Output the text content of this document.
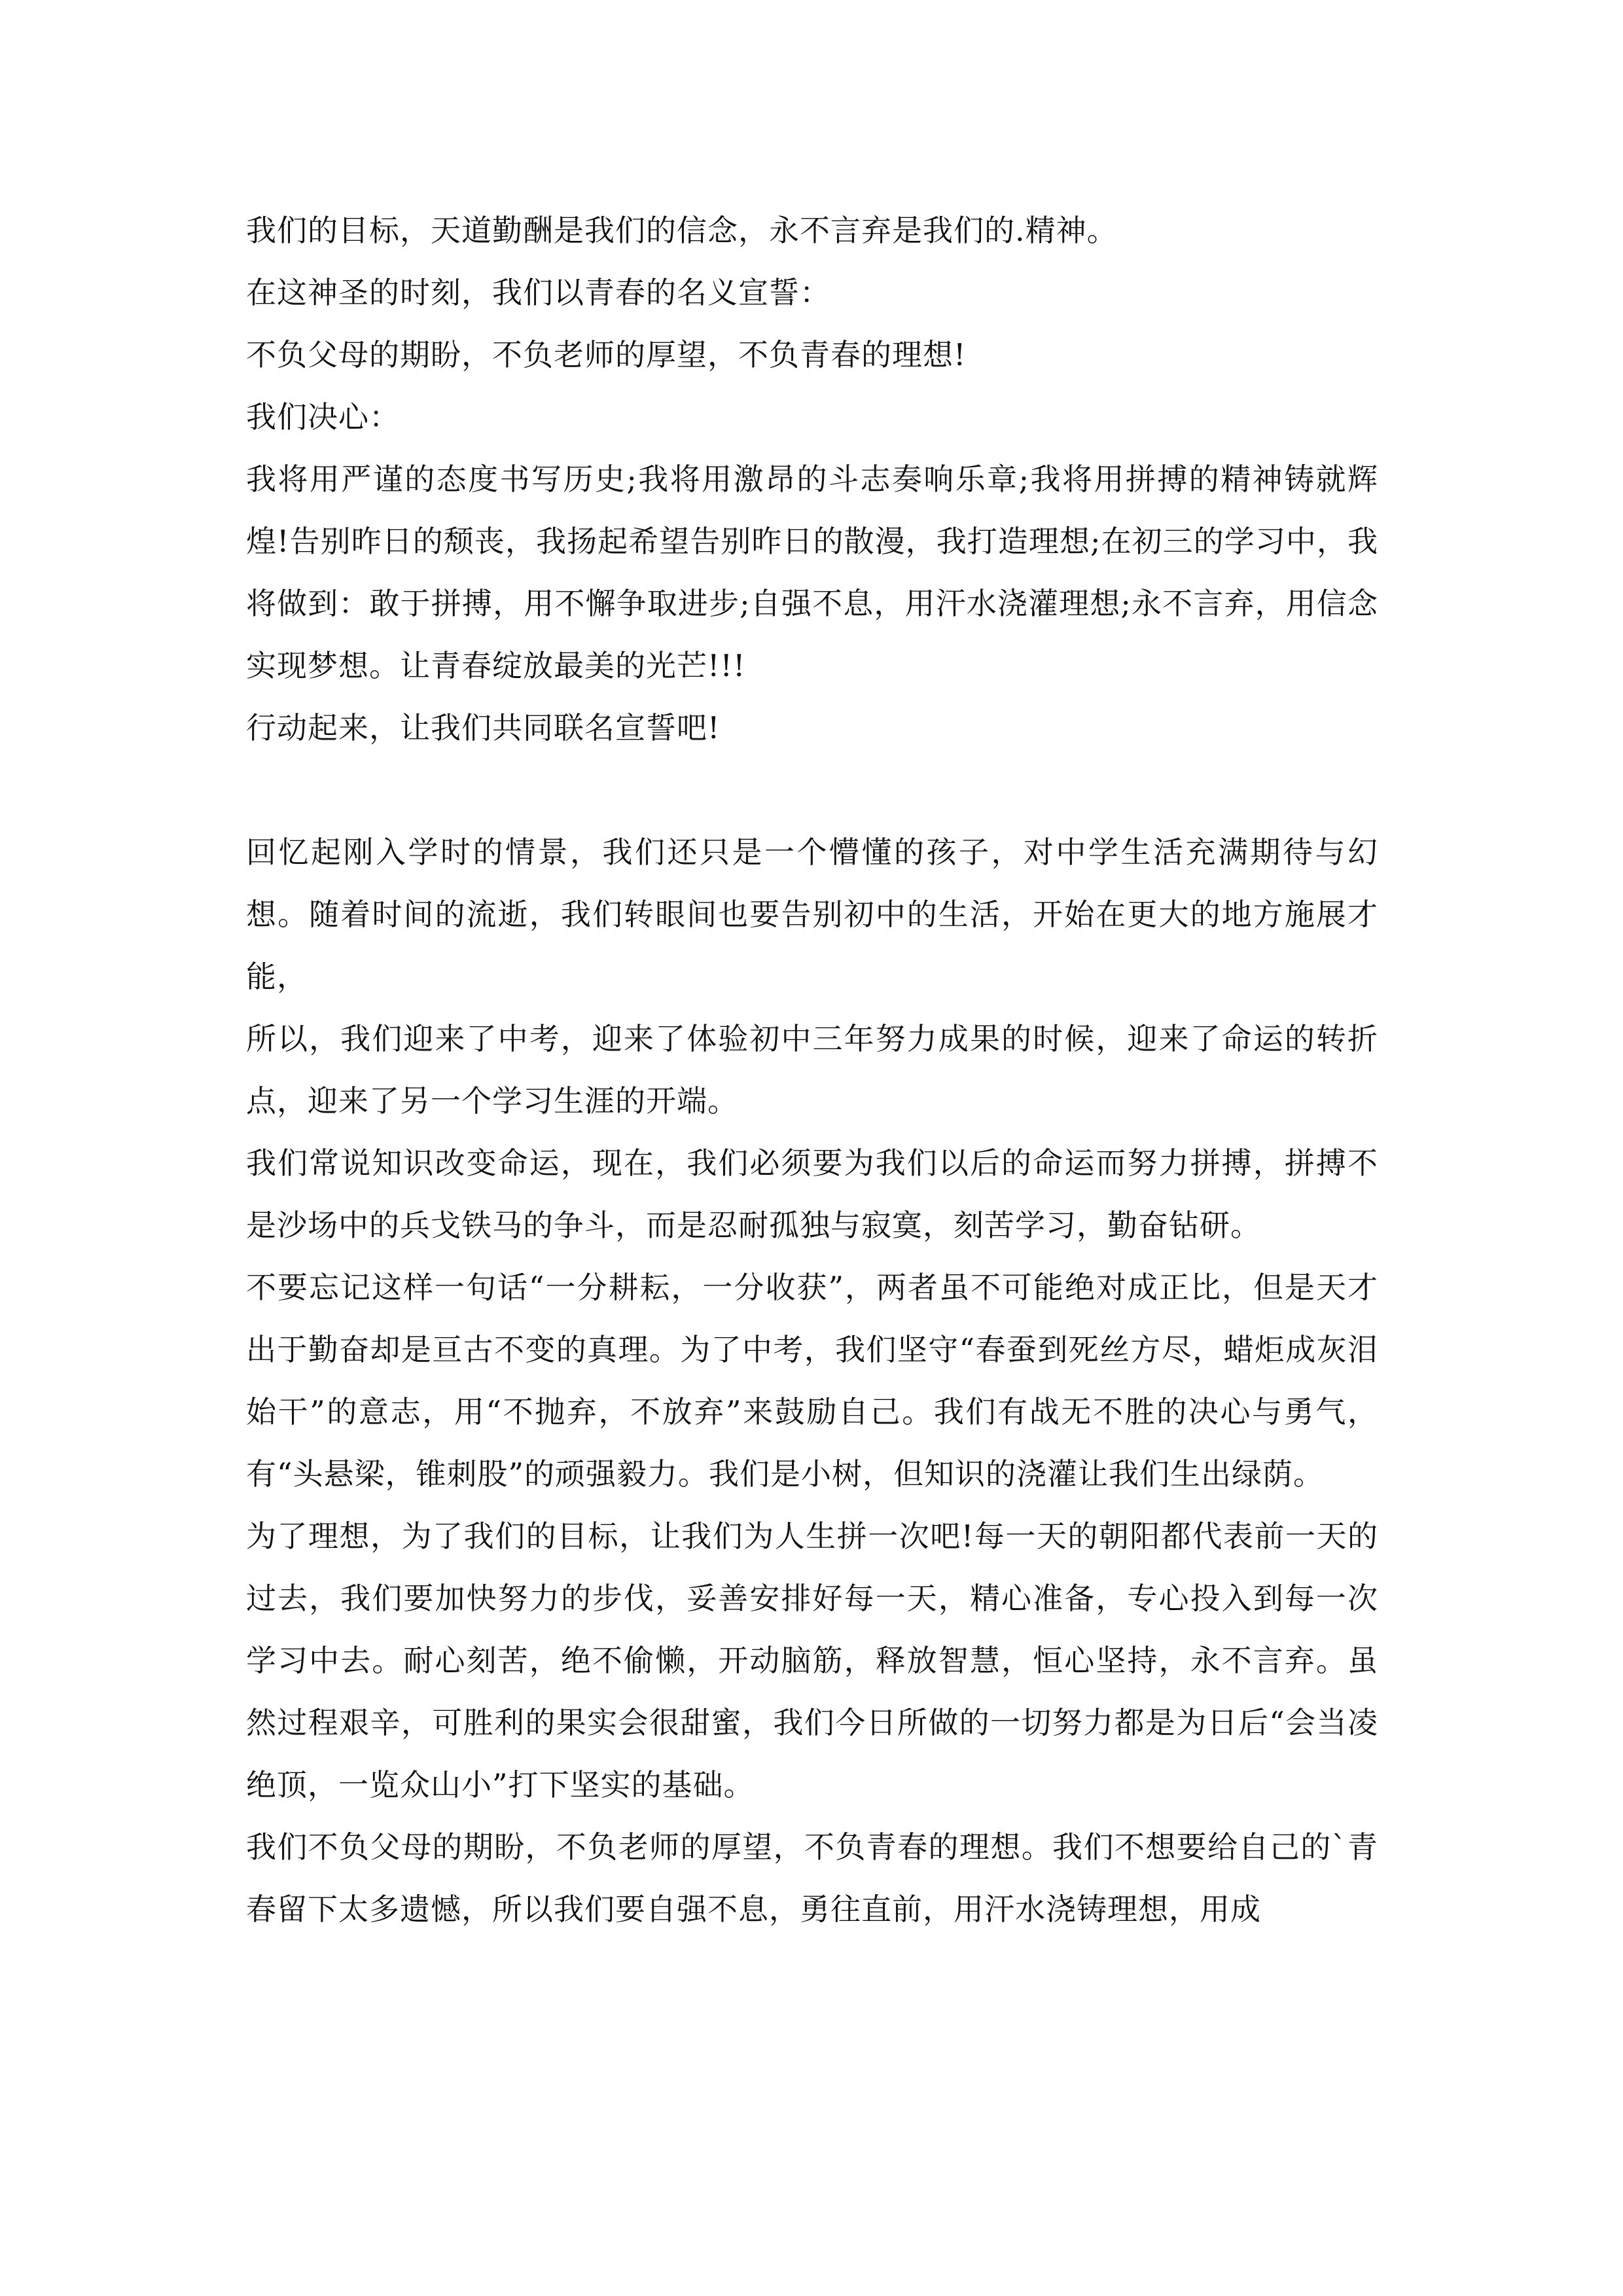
我们的目标，天道勤酬是我们的信念，永不言弃是我们的.精神。

在这神圣的时刻，我们以青春的名义宣誓：

不负父母的期盼，不负老师的厚望，不负青春的理想!

我们决心：

我将用严谨的态度书写历史;我将用激昂的斗志奏响乐章;我将用拼搏的精神铸就辉煌!告别昨日的颓丧，我扬起希望告别昨日的散漫，我打造理想;在初三的学习中，我将做到：敢于拼搏，用不懈争取进步;自强不息，用汗水浇灌理想;永不言弃，用信念实现梦想。让青春绽放最美的光芒!!!

行动起来，让我们共同联名宣誓吧!

回忆起刚入学时的情景，我们还只是一个懵懂的孩子，对中学生活充满期待与幻想。随着时间的流逝，我们转眼间也要告别初中的生活，开始在更大的地方施展才能，

所以，我们迎来了中考，迎来了体验初中三年努力成果的时候，迎来了命运的转折点，迎来了另一个学习生涯的开端。

我们常说知识改变命运，现在，我们必须要为我们以后的命运而努力拼搏，拼搏不是沙场中的兵戈铁马的争斗，而是忍耐孤独与寂寞，刻苦学习，勤奋钻研。

不要忘记这样一句话“一分耕耘，一分收获”，两者虽不可能绝对成正比，但是天才出于勤奋却是亘古不变的真理。为了中考，我们坚守“春蚕到死丝方尽，蜡炬成灰泪始干”的意志，用“不抛弃，不放弃”来鼓励自己。我们有战无不胜的决心与勇气，有“头悬梁，锥刺股”的顽强毅力。我们是小树，但知识的浇灌让我们生出绿荫。

为了理想，为了我们的目标，让我们为人生拼一次吧!每一天的朝阳都代表前一天的过去，我们要加快努力的步伐，妥善安排好每一天，精心准备，专心投入到每一次学习中去。耐心刻苦，绝不偷懒，开动脑筋，释放智慧，恒心坚持，永不言弃。虽然过程艰辛，可胜利的果实会很甜蜜，我们今日所做的一切努力都是为日后“会当凌绝顶，一览众山小”打下坚实的基础。

我们不负父母的期盼，不负老师的厚望，不负青春的理想。我们不想要给自己的`青春留下太多遗憾，所以我们要自强不息，勇往直前，用汗水浇铸理想，用成
